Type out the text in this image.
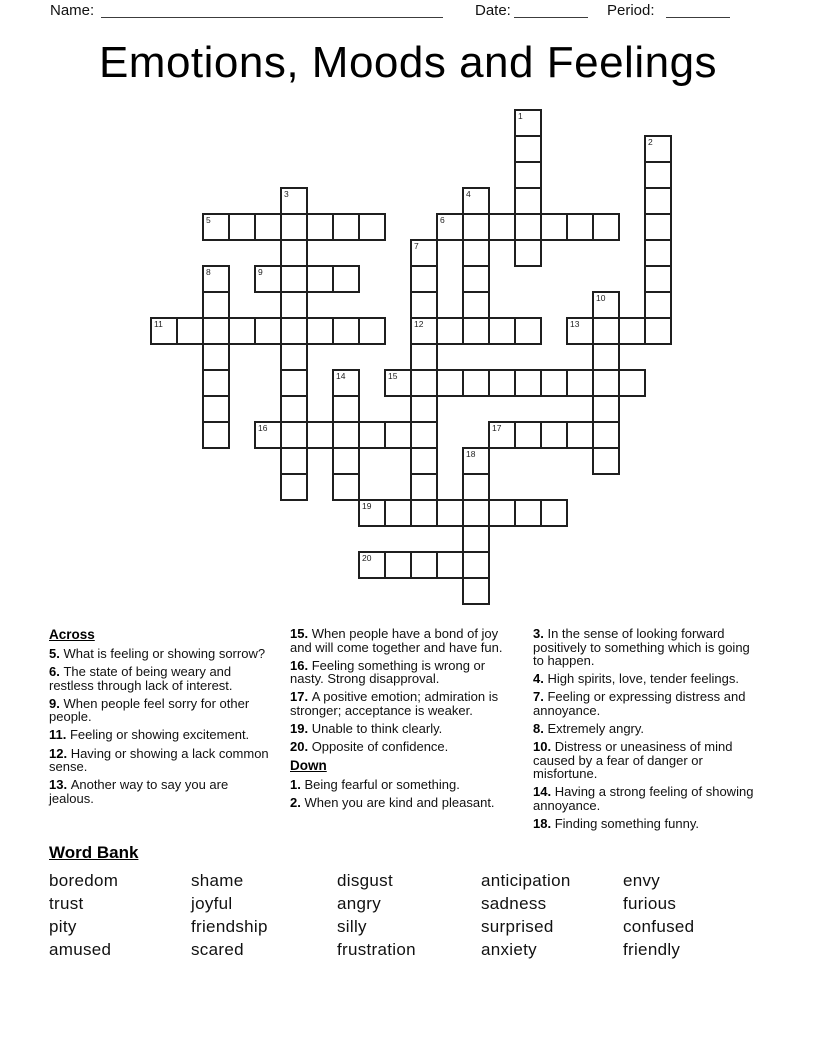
Name:	Date:	Period:
Emotions, Moods and Feelings
1
2
3	4
5	6
7
12
8	9
10
11	13
14	15
16	17
18
19
20
Across
5. What is feeling or showing sorrow?
6. The state of being weary and restless through lack of interest.
9. When people feel sorry for other people.
11. Feeling or showing excitement.
12. Having or showing a lack common sense.
13. Another way to say you are jealous.
15. When people have a bond of joy and will come together and have fun.
16. Feeling something is wrong or nasty. Strong disapproval.
17. A positive emotion; admiration is stronger; acceptance is weaker.
19. Unable to think clearly.
20. Opposite of confidence.
Down
1. Being fearful or something.
2. When you are kind and pleasant.
3. In the sense of looking forward positively to something which is going to happen.
4. High spirits, love, tender feelings.
7. Feeling or expressing distress and annoyance.
8. Extremely angry.
10. Distress or uneasiness of mind caused by a fear of danger or misfortune.
14. Having a strong feeling of showing annoyance.
18. Finding something funny.
Word Bank
boredom	shame	disgust	anticipation	envy
trust	joyful	angry	sadness	furious
pity	friendship	silly	surprised	confused
amused	scared	frustration	anxiety	friendly
